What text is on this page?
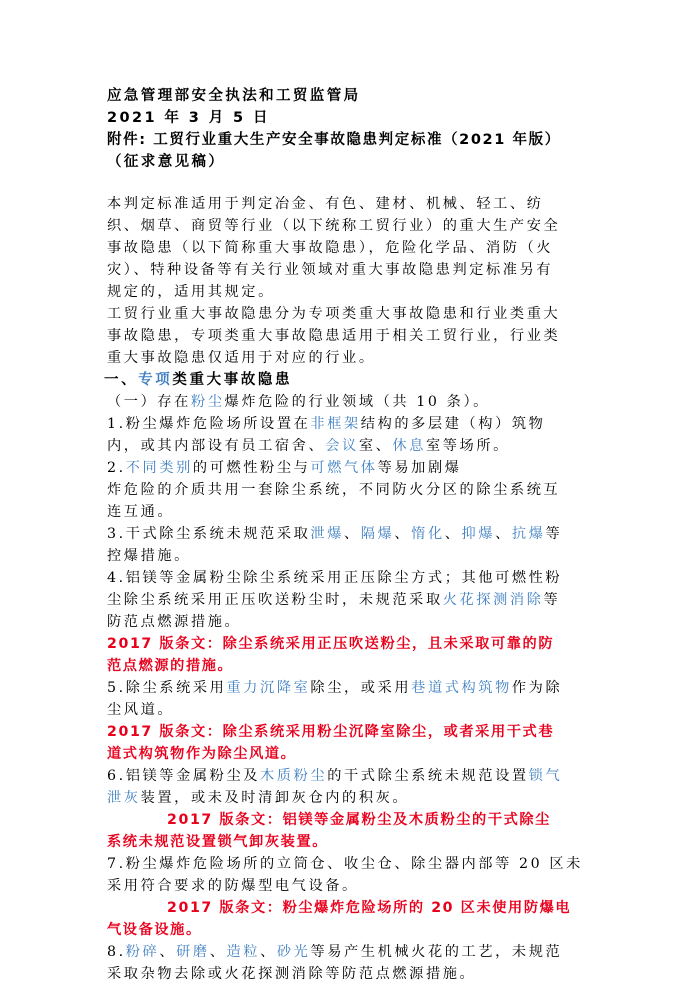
应急管理部安全执法和工贸监管局
2021 年 3 月 5 日
附件: 工贸行业重大生产安全事故隐患判定标准（2021 年版）
（征求意见稿）
本判定标准适用于判定冶金、有色、建材、机械、轻工、纺
织、烟草、商贸等行业（以下统称工贸行业）的重大生产安全
事故隐患（以下简称重大事故隐患），危险化学品、消防（火
灾）、特种设备等有关行业领域对重大事故隐患判定标准另有
规定的，适用其规定。
工贸行业重大事故隐患分为专项类重大事故隐患和行业类重大
事故隐患，专项类重大事故隐患适用于相关工贸行业，行业类
重大事故隐患仅适用于对应的行业。
一、专项类重大事故隐患
（一）存在粉尘爆炸危险的行业领域（共 10 条）。
1.粉尘爆炸危险场所设置在非框架结构的多层建（构）筑物
内，或其内部设有员工宿舍、会议室、休息室等场所。
2.不同类别的可燃性粉尘与可燃气体等易加剧爆
炸危险的介质共用一套除尘系统，不同防火分区的除尘系统互
连互通。
3.干式除尘系统未规范采取泄爆、隔爆、惰化、抑爆、抗爆等
控爆措施。
4.铝镁等金属粉尘除尘系统采用正压除尘方式；其他可燃性粉
尘除尘系统采用正压吹送粉尘时，未规范采取火花探测消除等
防范点燃源措施。
2017 版条文：除尘系统采用正压吹送粉尘，且未采取可靠的防
范点燃源的措施。
5.除尘系统采用重力沉降室除尘，或采用巷道式构筑物作为除
尘风道。
2017 版条文：除尘系统采用粉尘沉降室除尘，或者采用干式巷
道式构筑物作为除尘风道。
6.铝镁等金属粉尘及木质粉尘的干式除尘系统未规范设置锁气
泄灰装置，或未及时清卸灰仓内的积灰。
2017 版条文：铝镁等金属粉尘及木质粉尘的干式除尘
系统未规范设置锁气卸灰装置。
7.粉尘爆炸危险场所的立筒仓、收尘仓、除尘器内部等 20 区未
采用符合要求的防爆型电气设备。
2017 版条文：粉尘爆炸危险场所的 20 区未使用防爆电
气设备设施。
8.粉碎、研磨、造粒、砂光等易产生机械火花的工艺，未规范
采取杂物去除或火花探测消除等防范点燃源措施。
